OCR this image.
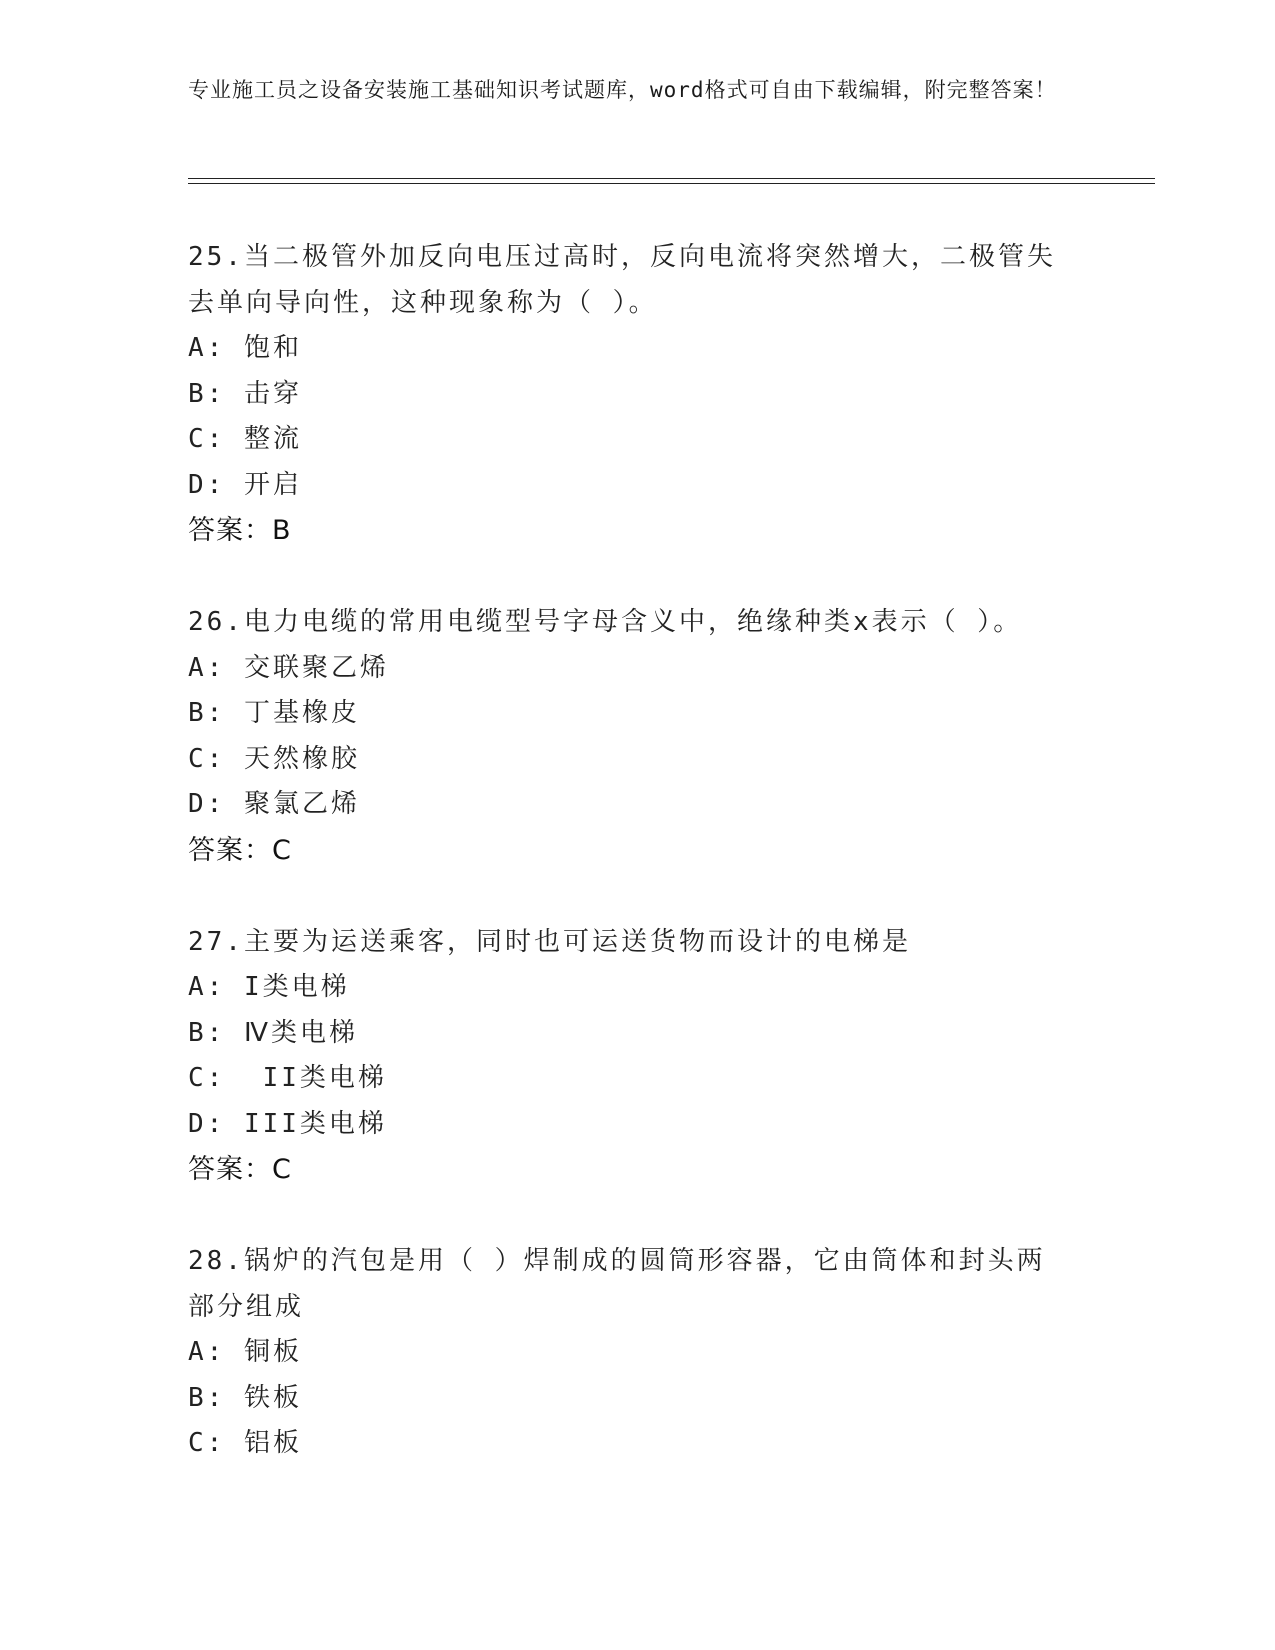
专业施工员之设备安装施工基础知识考试题库，word格式可自由下载编辑，附完整答案！
25.当二极管外加反向电压过高时，反向电流将突然增大，二极管失去单向导向性，这种现象称为（ ）。
A: 饱和
B: 击穿
C: 整流
D: 开启
答案：B
26.电力电缆的常用电缆型号字母含义中，绝缘种类x表示（ ）。
A: 交联聚乙烯
B: 丁基橡皮
C: 天然橡胶
D: 聚氯乙烯
答案：C
27.主要为运送乘客，同时也可运送货物而设计的电梯是
A: I类电梯
B: Ⅳ类电梯
C:  II类电梯
D: III类电梯
答案：C
28.锅炉的汽包是用（ ）焊制成的圆筒形容器，它由筒体和封头两部分组成
A: 铜板
B: 铁板
C: 铝板
